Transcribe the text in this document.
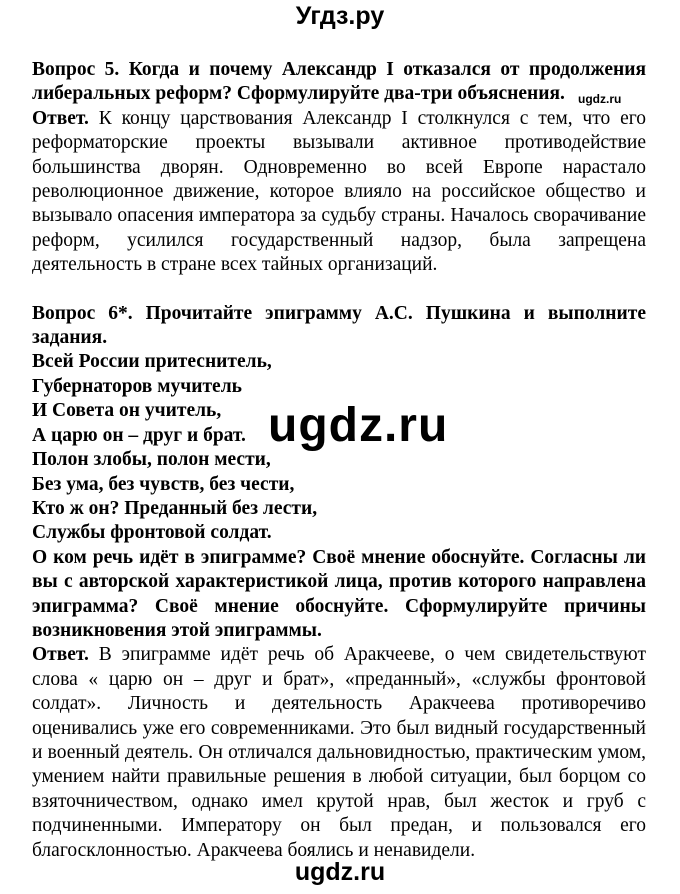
Угдз.ру

Вопрос 5. Когда и почему Александр I отказался от продолжения либеральных реформ? Сформулируйте два-три объяснения.

Ответ. К концу царствования Александр I столкнулся с тем, что его реформаторские проекты вызывали активное противодействие большинства дворян. Одновременно во всей Европе нарастало революционное движение, которое влияло на российское общество и вызывало опасения императора за судьбу страны. Началось сворачивание реформ, усилился государственный надзор, была запрещена деятельность в стране всех тайных организаций.

Вопрос 6*. Прочитайте эпиграмму А.С. Пушкина и выполните задания.

Всей России притеснитель,

Губернаторов мучитель

И Совета он учитель,

А царю он – друг и брат.

Полон злобы, полон мести,

Без ума, без чувств, без чести,

Кто ж он? Преданный без лести,

Службы фронтовой солдат.

О ком речь идёт в эпиграмме? Своё мнение обоснуйте. Согласны ли вы с авторской характеристикой лица, против которого направлена эпиграмма? Своё мнение обоснуйте. Сформулируйте причины возникновения этой эпиграммы.

Ответ. В эпиграмме идёт речь об Аракчееве, о чем свидетельствуют слова « царю он – друг и брат», «преданный», «службы фронтовой солдат». Личность и деятельность Аракчеева противоречиво оценивались уже его современниками. Это был видный государственный и военный деятель. Он отличался дальновидностью, практическим умом, умением найти правильные решения в любой ситуации, был борцом со взяточничеством, однако имел крутой нрав, был жесток и груб с подчиненными. Императору он был предан, и пользовался его благосклонностью. Аракчеева боялись и ненавидели.

ugdz.ru
ugdz.ru
ugdz.ru
